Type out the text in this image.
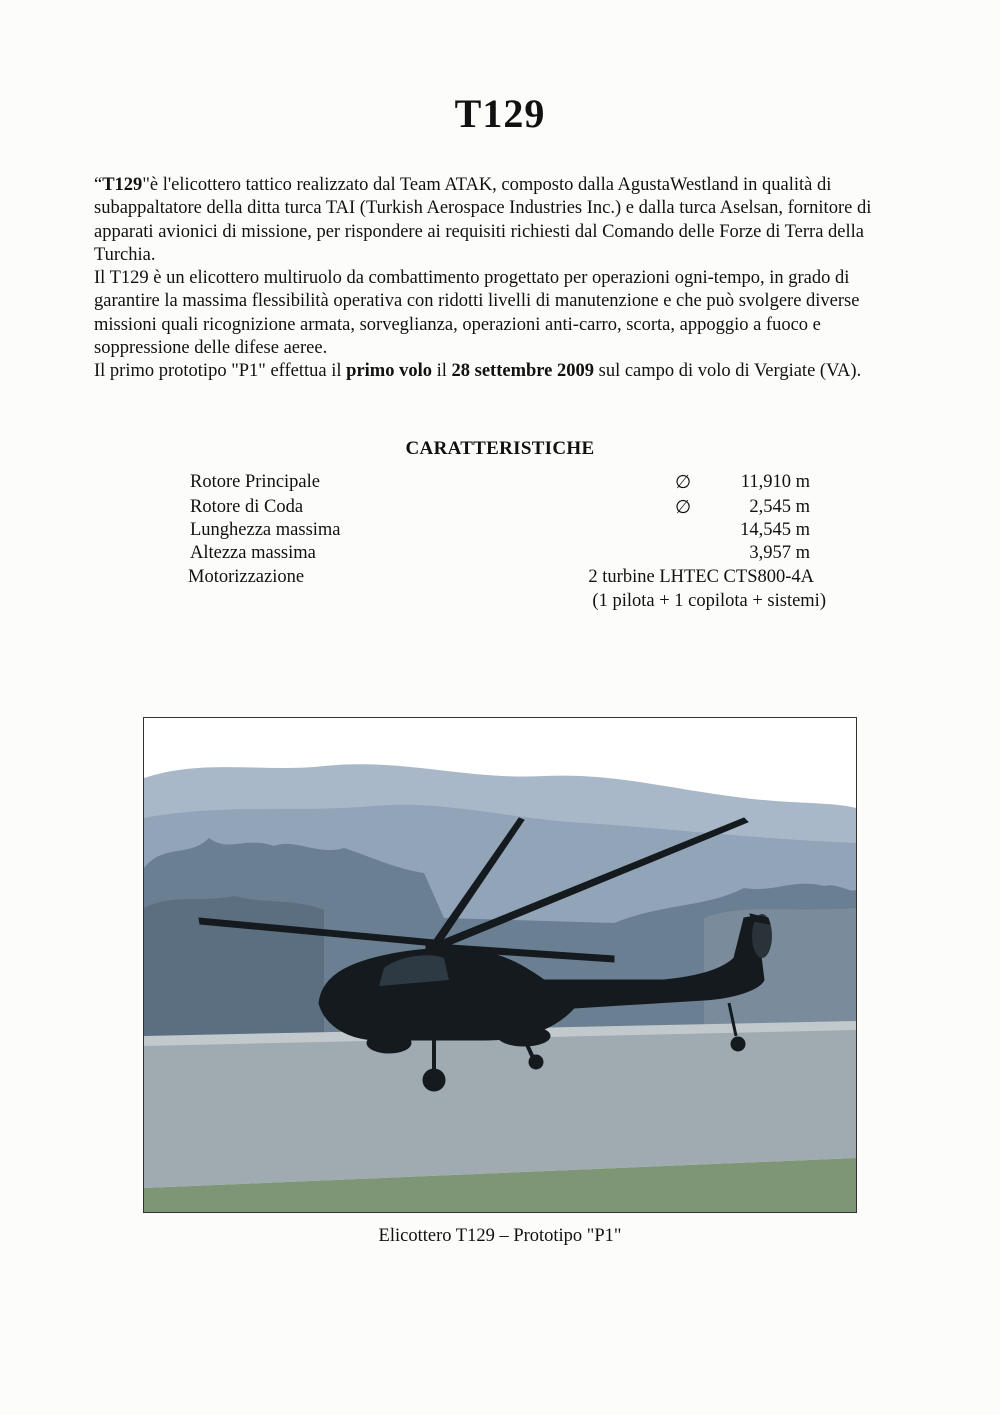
T129

“T129"è l'elicottero tattico realizzato dal Team ATAK, composto dalla AgustaWestland in qualità di subappaltatore della ditta turca TAI (Turkish Aerospace Industries Inc.) e dalla turca Aselsan, fornitore di apparati avionici di missione, per rispondere ai requisiti richiesti dal Comando delle Forze di Terra della Turchia.

Il T129 è un elicottero multiruolo da combattimento progettato per operazioni ogni-tempo, in grado di garantire la massima flessibilità operativa con ridotti livelli di manutenzione e che può svolgere diverse missioni quali ricognizione armata, sorveglianza, operazioni anti-carro, scorta, appoggio a fuoco e soppressione delle difese aeree.

Il primo prototipo "P1" effettua il primo volo il 28 settembre 2009 sul campo di volo di Vergiate (VA).

CARATTERISTICHE
Rotore Principale	∅	11,910 m
Rotore di Coda	∅	2,545 m
Lunghezza massima	14,545 m
Altezza massima	3,957 m
Motorizzazione	2 turbine LHTEC CTS800-4A
(1 pilota + 1 copilota + sistemi)
Elicottero T129 – Prototipo "P1"
